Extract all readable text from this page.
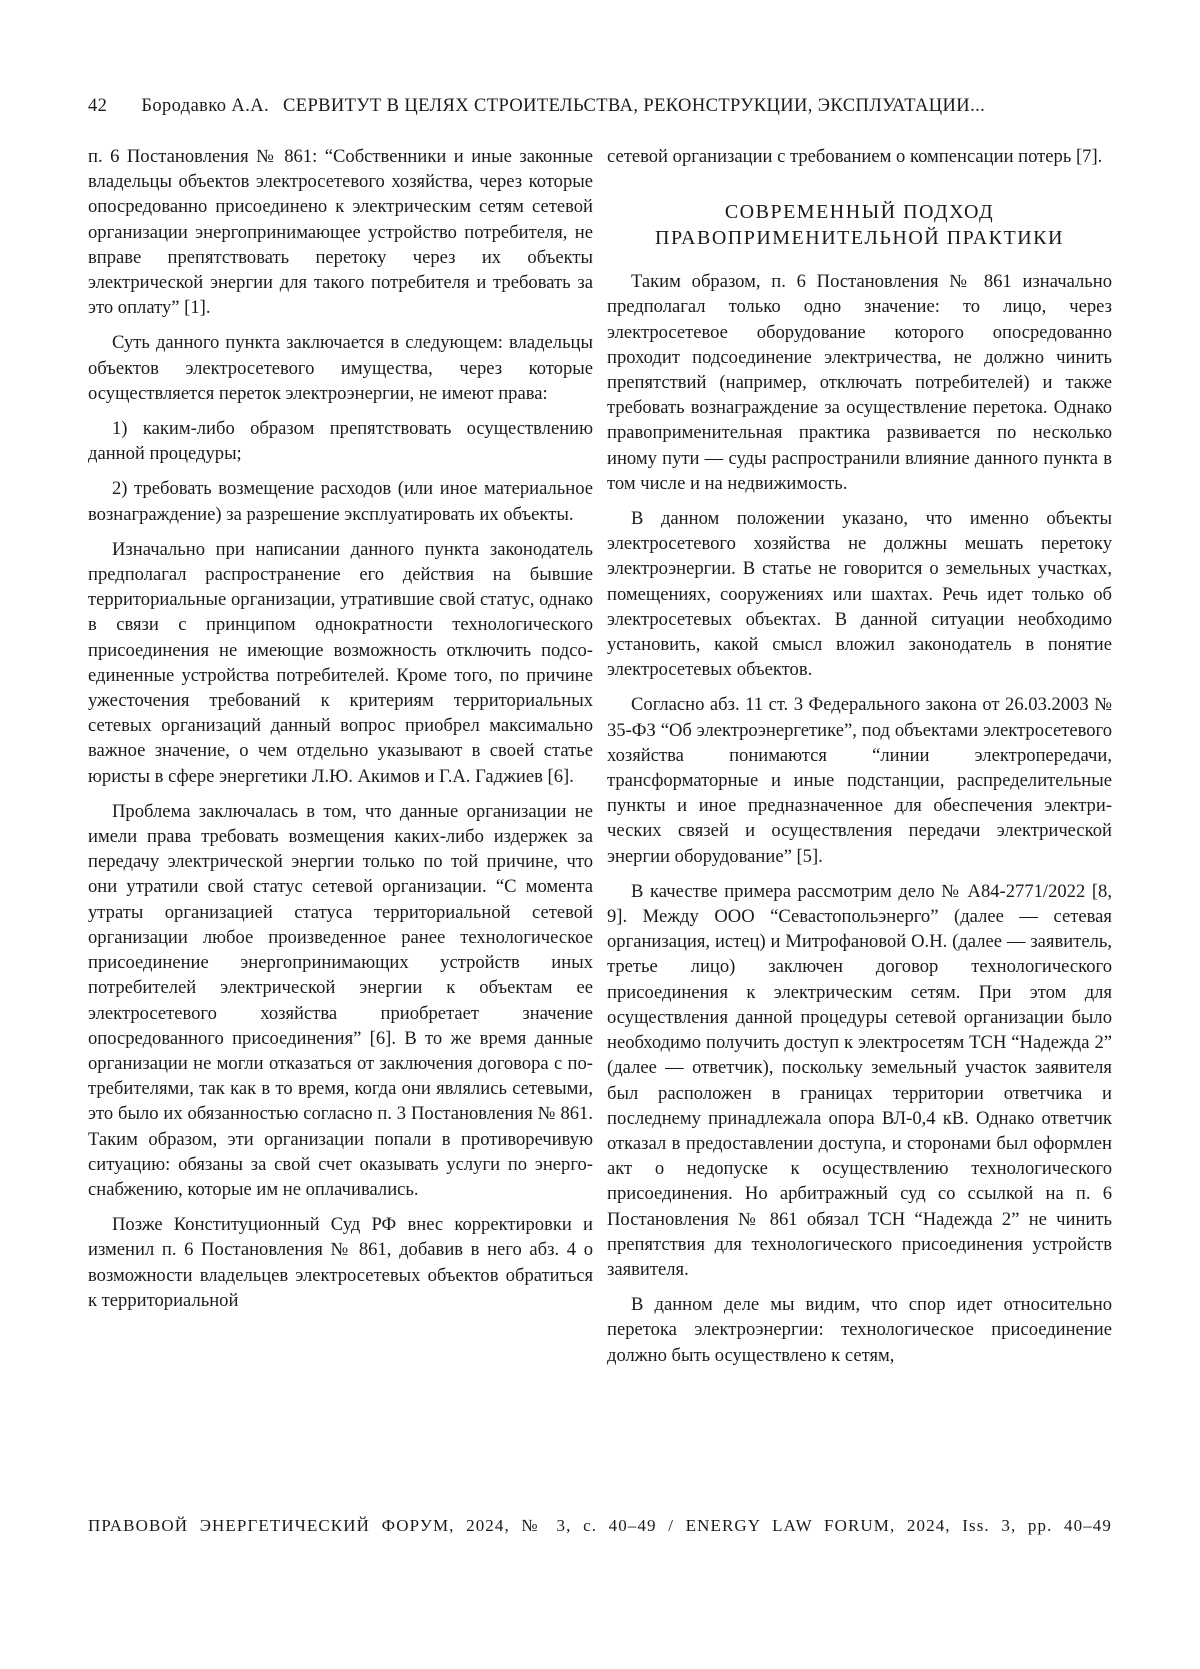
42 Бородавко А.А. СЕРВИТУТ В ЦЕЛЯХ СТРОИТЕЛЬСТВА, РЕКОНСТРУКЦИИ, ЭКСПЛУАТАЦИИ...

п. 6 Постановления № 861: “Собственники и иные законные владельцы объектов электросетевого хозяйства, через которые опосредованно присоединено к электрическим сетям сетевой организации энергопринимающее устройство потребителя, не вправе препятствовать перетоку через их объекты электрической энергии для такого потребителя и требовать за это оплату” [1].

Суть данного пункта заключается в следующем: владельцы объектов электросетевого имущества, через которые осуществляется переток электроэнергии, не имеют права:

1) каким-либо образом препятствовать осуществлению данной процедуры;

2) требовать возмещение расходов (или иное материальное вознаграждение) за разрешение эксплуатировать их объекты.

Изначально при написании данного пункта законодатель предполагал распространение его действия на бывшие территориальные организации, утратившие свой статус, однако в связи с принципом однократности технологического присоединения не имеющие возможность отключить подсоединенные устройства потребителей. Кроме того, по причине ужесточения требований к критериям территориальных сетевых организаций данный вопрос приобрел максимально важное значение, о чем отдельно указывают в своей статье юристы в сфере энергетики Л.Ю. Акимов и Г.А. Гаджиев [6].

Проблема заключалась в том, что данные организации не имели права требовать возмещения каких-либо издержек за передачу электрической энергии только по той причине, что они утратили свой статус сетевой организации. “С момента утраты организацией статуса территориальной сетевой организации любое произведенное ранее технологическое присоединение энергопринимающих устройств иных потребителей электрической энергии к объектам ее электросетевого хозяйства приобретает значение опосредованного присоединения” [6]. В то же время данные организации не могли отказаться от заключения договора с потребителями, так как в то время, когда они являлись сетевыми, это было их обязанностью согласно п. 3 Постановления № 861. Таким образом, эти организации попали в противоречивую ситуацию: обязаны за свой счет оказывать услуги по энергоснабжению, которые им не оплачивались.

Позже Конституционный Суд РФ внес корректировки и изменил п. 6 Постановления № 861, добавив в него абз. 4 о возможности владельцев электросетевых объектов обратиться к территориальной

сетевой организации с требованием о компенсации потерь [7].

СОВРЕМЕННЫЙ ПОДХОД
ПРАВОПРИМЕНИТЕЛЬНОЙ ПРАКТИКИ

Таким образом, п. 6 Постановления № 861 изначально предполагал только одно значение: то лицо, через электросетевое оборудование которого опосредованно проходит подсоединение электричества, не должно чинить препятствий (например, отключать потребителей) и также требовать вознаграждение за осуществление перетока. Однако правоприменительная практика развивается по несколько иному пути — суды распространили влияние данного пункта в том числе и на недвижимость.

В данном положении указано, что именно объекты электросетевого хозяйства не должны мешать перетоку электроэнергии. В статье не говорится о земельных участках, помещениях, сооружениях или шахтах. Речь идет только об электросетевых объектах. В данной ситуации необходимо установить, какой смысл вложил законодатель в понятие электросетевых объектов.

Согласно абз. 11 ст. 3 Федерального закона от 26.03.2003 № 35-ФЗ “Об электроэнергетике”, под объектами электросетевого хозяйства понимаются “линии электропередачи, трансформаторные и иные подстанции, распределительные пункты и иное предназначенное для обеспечения электрических связей и осуществления передачи электрической энергии оборудование” [5].

В качестве примера рассмотрим дело № А84-2771/2022 [8, 9]. Между ООО “Севастопольэнерго” (далее — сетевая организация, истец) и Митрофановой О.Н. (далее — заявитель, третье лицо) заключен договор технологического присоединения к электрическим сетям. При этом для осуществления данной процедуры сетевой организации было необходимо получить доступ к электросетям ТСН “Надежда 2” (далее — ответчик), поскольку земельный участок заявителя был расположен в границах территории ответчика и последнему принадлежала опора ВЛ-0,4 кВ. Однако ответчик отказал в предоставлении доступа, и сторонами был оформлен акт о недопуске к осуществлению технологического присоединения. Но арбитражный суд со ссылкой на п. 6 Постановления № 861 обязал ТСН “Надежда 2” не чинить препятствия для технологического присоединения устройств заявителя.

В данном деле мы видим, что спор идет относительно перетока электроэнергии: технологическое присоединение должно быть осуществлено к сетям,

ПРАВОВОЙ ЭНЕРГЕТИЧЕСКИЙ ФОРУМ, 2024, № 3, с. 40–49 / ENERGY LAW FORUM, 2024, Iss. 3, pp. 40–49
